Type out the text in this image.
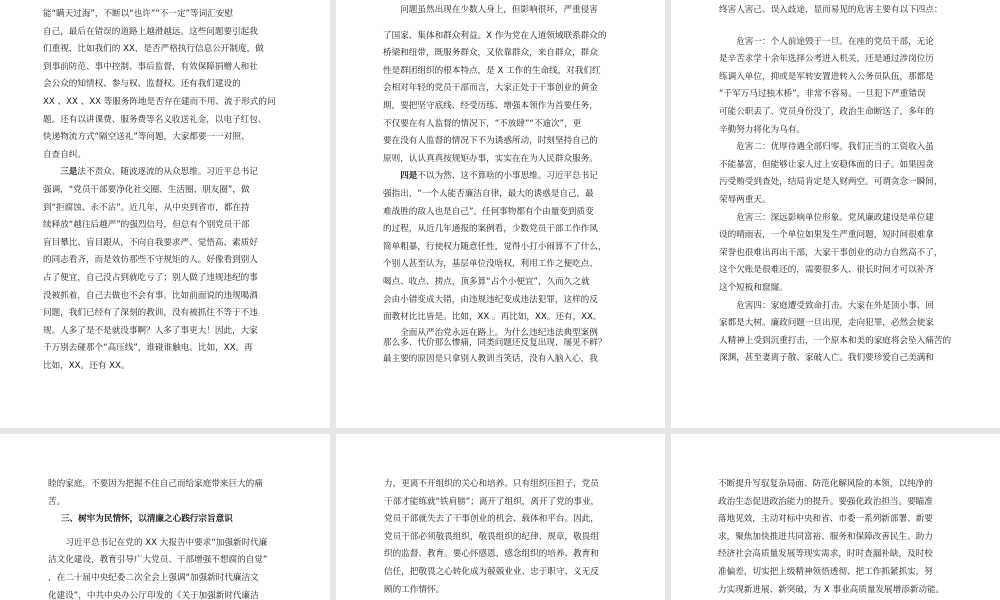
能“瞒天过海”，不断以“也许”“不一定”等词汇安慰

自己，最后在错误的道路上越滑越远。这些问题要引起我

们重视，比如我们的 XX，是否严格执行信息公开制度，做

到事前防范、事中控制、事后监督，有效保障捐赠人和社

会公众的知情权、参与权、监督权。还有我们建设的

XX 、XX 、XX 等服务阵地是否存在建而不用、流于形式的问

题。还有以讲课费、服务费等名义收送礼金，以电子红包、

快递物流方式“隔空送礼”等问题，大家都要一一对照、

自查自纠。

三是法不责众、随波逐流的从众思维。习近平总书记

强调，“党员干部要净化社交圈、生活圈、朋友圈”，做

到“拒腐蚀、永不沾”。近几年，从中央到省市，都在持

续释放“越往后越严”的强烈信号，但总有个别党员干部

盲目攀比、盲目跟从，不向自我要求严、觉悟高、素质好

的同志看齐，而是效仿那些不守规矩的人。好像看到别人

占了便宜，自己没占到就吃亏了；别人做了违规违纪的事

没被抓着，自己去做也不会有事。比如前面说的违规喝酒

问题，我们已经有了深刻的教训，没有被抓住不等于不违

规。人多了是不是就没事啊？人多了事更大！因此，大家

千万别去碰那个“高压线”，谁碰谁触电。比如，XX。再

比如，XX。还有 XX。

问题虽然出现在少数人身上，但影响很坏，严重侵害

了国家、集体和群众利益。X 作为党在人道领域联系群众的

桥梁和纽带，既服务群众，又依靠群众，来自群众，群众

性是群团组织的根本特点，是 X 工作的生命线，对我们红

会相对年轻的党员干部而言，大家正处于干事创业的黄金

期，要把坚守底线、经受历练、增强本领作为首要任务，

不仅要在有人监督的情况下，“不放肆”“不逾次”，更

要在没有人监督的情况下不为诱惑所动，时刻坚持自己的

原则，认认真真按规矩办事，实实在在为人民群众服务。

四是不以为然、这不算啥的小事思维。习近平总书记

强指出，“一个人能否廉洁自律，最大的诱惑是自己，最

难战胜的敌人也是自己”。任何事物都有个由量变到质变

的过程，从近几年通报的案例看，少数党员干部工作作风

简单粗暴，行使权力随意任性，觉得小打小闹算不了什么，

个别人甚至认为，基层单位没啥权，利用工作之便吃点、

喝点、收点、捞点，顶多算“占个小便宜”，久而久之就

会由小错变成大错，由违规违纪变成违法犯罪，这样的反

面教材比比皆是。比如，XX 。再比如，XX。还有，XX。

全面从严治党永远在路上。为什么违纪违法典型案例

那么多、代价那么惨痛，同类问题还反复出现、屡见不鲜？

最主要的原因是只拿别人教训当笑话，没有入脑入心，我

终害人害己、误入歧途，显而易见的危害主要有以下四点：

危害一：个人前途毁于一旦。在座的党员干部，无论

是辛苦求学十余年选择公考进入机关，还是通过涉岗位历

练调入单位，抑或是军转安置进转入公务员队伍，那都是

“千军万马过独木桥”，非常不容易。一旦犯下严重错误

可能公职丢了、党员身份没了，政治生命断送了，多年的

辛勤努力将化为乌有。

危害二：优厚待遇全部归零。我们正当的工资收入虽

不能暴富，但能够让家人过上安稳体面的日子。如果因贪

污受贿受到查处，结局肯定是人财两空。可谓贪念一瞬间，

荣辱两重天。

危害三：深远影响单位形象。党风廉政建设是单位建

设的晴雨表，一个单位如果发生严重问题，短时间很难拿

荣誉也很难出再出干部，大家干事创业的动力自然高不了，

这个欠账是很难还的，需要很多人、很长时间才可以补齐

这个短板和窟窿。

危害四：家庭遭受致命打击。大家在外是顶小事、回

家都是大树。廉政问题一旦出现，走向犯罪，必然会使家

人精神上受到沉重打击，一个原本和美的家庭将会坠入痛苦的

深渊，甚至妻离子散、家破人亡。我们要珍爱自己美满和

睦的家庭，不要因为把握不住自己而给家庭带来巨大的痛

苦。

三、树牢为民情怀，以清廉之心践行宗旨意识

习近平总书记在党的 XX 大报告中要求“加强新时代廉

洁文化建设，教育引导广大党员、干部增强不想腐的自觉”

，在二十届中央纪委二次全会上强调“加强新时代廉洁文

化建设”，中共中央办公厅印发的《关于加强新时代廉洁

力，更离不开组织的关心和培养。只有组织压担子，党员

干部才能练就“铁肩膀”；离开了组织，离开了党的事业，

党员干部就失去了干事创业的机会、载体和平台。因此，

党员干部必须敬畏组织，敬畏组织的纪律、规章，敬畏组

织的监督、教育。要心怀感恩，感念组织的培养、教育和

信任，把敬畏之心转化成为兢兢业业、忠于职守、义无反

顾的工作情怀。

不断提升写驭复杂局面、防范化解风险的本领，以纯净的

政治生态促进政治能力的提升。要强化政治担当。要瞄准

落地见效，主动对标中央和省、市委一系列新部署、新要

求，聚焦加快推进共同富裕、服务和保障改善民生、助力

经济社会高质量发展等现实需求，时时查漏补缺，及时校

准偏差，切实把上级精神领悟透彻、把工作抓紧抓实，努

力实现新进展、新突破，为 X 事业高质量发展增添新动能。
